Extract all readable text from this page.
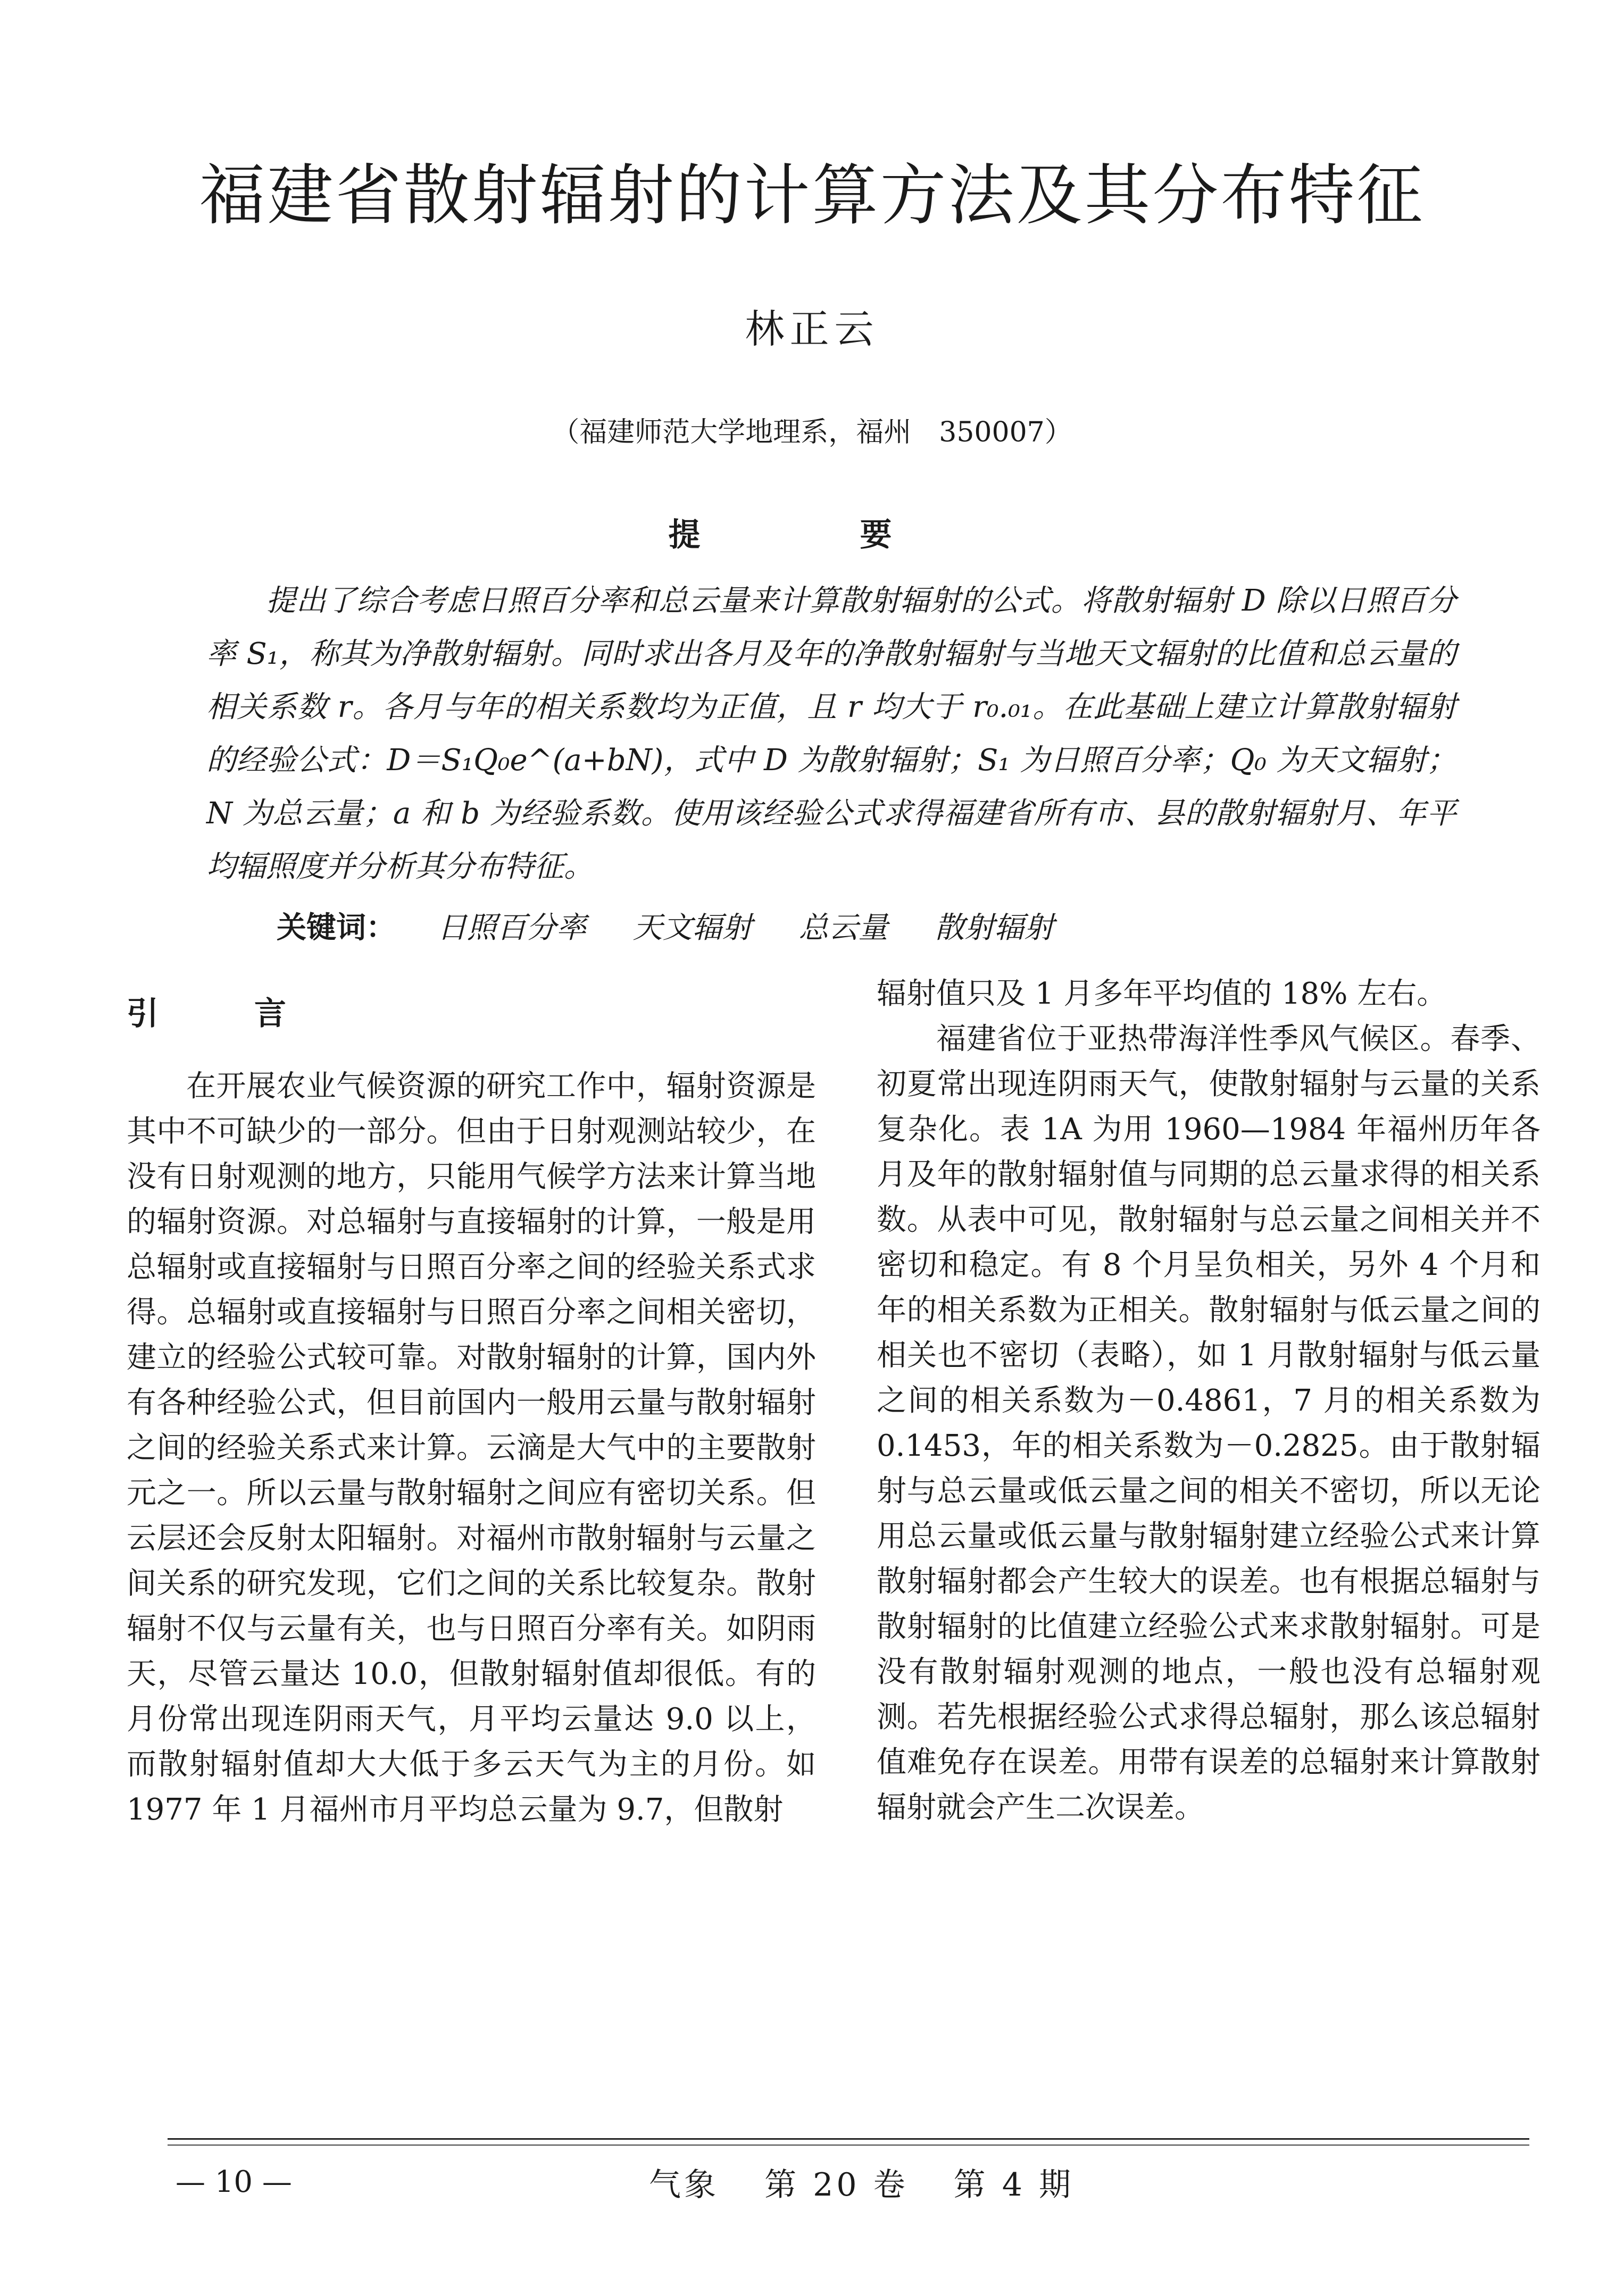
福建省散射辐射的计算方法及其分布特征
林正云
（福建师范大学地理系，福州　350007）
提　要

提出了综合考虑日照百分率和总云量来计算散射辐射的公式。将散射辐射 D 除以日照百分率 S₁，称其为净散射辐射。同时求出各月及年的净散射辐射与当地天文辐射的比值和总云量的相关系数 r。各月与年的相关系数均为正值，且 r 均大于 r₀.₀₁。在此基础上建立计算散射辐射的经验公式：D＝S₁Q₀e^(a+bN)，式中 D 为散射辐射；S₁ 为日照百分率；Q₀ 为天文辐射；N 为总云量；a 和 b 为经验系数。使用该经验公式求得福建省所有市、县的散射辐射月、年平均辐照度并分析其分布特征。

关键词： 日照百分率 天文辐射 总云量 散射辐射
引　言

在开展农业气候资源的研究工作中，辐射资源是其中不可缺少的一部分。但由于日射观测站较少，在没有日射观测的地方，只能用气候学方法来计算当地的辐射资源。对总辐射与直接辐射的计算，一般是用总辐射或直接辐射与日照百分率之间的经验关系式求得。总辐射或直接辐射与日照百分率之间相关密切，建立的经验公式较可靠。对散射辐射的计算，国内外有各种经验公式，但目前国内一般用云量与散射辐射之间的经验关系式来计算。云滴是大气中的主要散射元之一。所以云量与散射辐射之间应有密切关系。但云层还会反射太阳辐射。对福州市散射辐射与云量之间关系的研究发现，它们之间的关系比较复杂。散射辐射不仅与云量有关，也与日照百分率有关。如阴雨天，尽管云量达 10.0，但散射辐射值却很低。有的月份常出现连阴雨天气，月平均云量达 9.0 以上，而散射辐射值却大大低于多云天气为主的月份。如 1977 年 1 月福州市月平均总云量为 9.7，但散射

辐射值只及 1 月多年平均值的 18% 左右。

福建省位于亚热带海洋性季风气候区。春季、初夏常出现连阴雨天气，使散射辐射与云量的关系复杂化。表 1A 为用 1960—1984 年福州历年各月及年的散射辐射值与同期的总云量求得的相关系数。从表中可见，散射辐射与总云量之间相关并不密切和稳定。有 8 个月呈负相关，另外 4 个月和年的相关系数为正相关。散射辐射与低云量之间的相关也不密切（表略），如 1 月散射辐射与低云量之间的相关系数为－0.4861，7 月的相关系数为 0.1453，年的相关系数为－0.2825。由于散射辐射与总云量或低云量之间的相关不密切，所以无论用总云量或低云量与散射辐射建立经验公式来计算散射辐射都会产生较大的误差。也有根据总辐射与散射辐射的比值建立经验公式来求散射辐射。可是没有散射辐射观测的地点，一般也没有总辐射观测。若先根据经验公式求得总辐射，那么该总辐射值难免存在误差。用带有误差的总辐射来计算散射辐射就会产生二次误差。

— 10 —	气象 第 20 卷 第 4 期
